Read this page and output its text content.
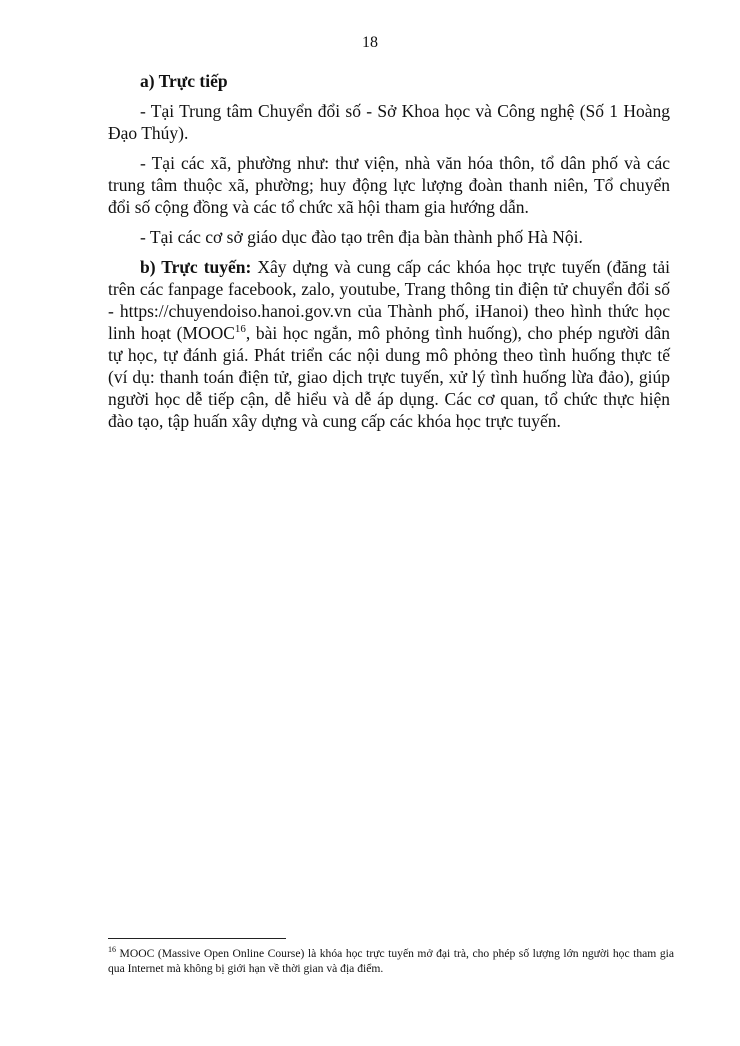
18

a) Trực tiếp

- Tại Trung tâm Chuyển đổi số - Sở Khoa học và Công nghệ (Số 1 Hoàng Đạo Thúy).

- Tại các xã, phường như: thư viện, nhà văn hóa thôn, tổ dân phố và các trung tâm thuộc xã, phường; huy động lực lượng đoàn thanh niên, Tổ chuyển đổi số cộng đồng và các tổ chức xã hội tham gia hướng dẫn.

- Tại các cơ sở giáo dục đào tạo trên địa bàn thành phố Hà Nội.

b) Trực tuyến: Xây dựng và cung cấp các khóa học trực tuyến (đăng tải trên các fanpage facebook, zalo, youtube, Trang thông tin điện tử chuyển đổi số - https://chuyendoiso.hanoi.gov.vn của Thành phố, iHanoi) theo hình thức học linh hoạt (MOOC$^{16}$, bài học ngắn, mô phỏng tình huống), cho phép người dân tự học, tự đánh giá. Phát triển các nội dung mô phỏng theo tình huống thực tế (ví dụ: thanh toán điện tử, giao dịch trực tuyến, xử lý tình huống lừa đảo), giúp người học dễ tiếp cận, dễ hiểu và dễ áp dụng. Các cơ quan, tổ chức thực hiện đào tạo, tập huấn xây dựng và cung cấp các khóa học trực tuyến.

$^{16}$ MOOC (Massive Open Online Course) là khóa học trực tuyến mở đại trà, cho phép số lượng lớn người học tham gia qua Internet mà không bị giới hạn về thời gian và địa điểm.
